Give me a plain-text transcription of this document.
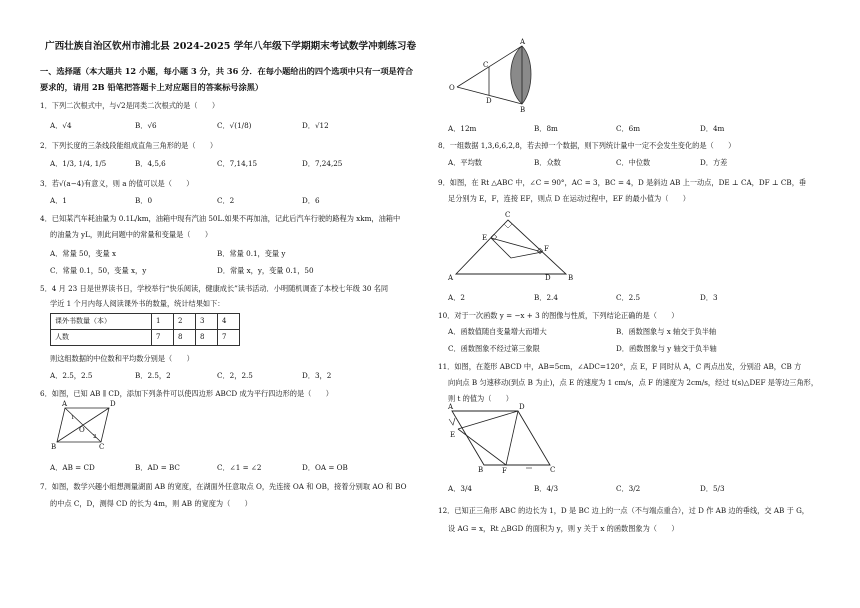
广西壮族自治区钦州市浦北县 2024-2025 学年八年级下学期期末考试数学冲刺练习卷
一、选择题（本大题共 12 小题，每小题 3 分，共 36 分．在每小题给出的四个选项中只有一项是符合
要求的，请用 2B 铅笔把答题卡上对应题目的答案标号涂黑）
1．下列二次根式中，与√2是同类二次根式的是（　　）
A．√4	B．√6	C．√(1/8)	D．√12
2．下列长度的三条线段能组成直角三角形的是（　　）
A．1/3, 1/4, 1/5	B．4,5,6	C．7,14,15	D．7,24,25
3．若√(a−4)有意义，则 a 的值可以是（　　）
A．1	B．0	C．2	D．6
4．已知某汽车耗油量为 0.1L/km，油箱中现有汽油 50L.如果不再加油，记此后汽车行驶的路程为 xkm，油箱中
的油量为 yL，则此问题中的常量和变量是（　　）
A．常量 50，变量 x	B．常量 0.1，变量 y
C．常量 0.1，50，变量 x，y	D．常量 x，y，变量 0.1，50
5．4 月 23 日是世界读书日，学校举行“快乐阅读，健康成长”读书活动．小明随机调查了本校七年级 30 名同
学近 1 个月内每人阅读课外书的数量，统计结果如下：
课外书数量（本）	1	2	3	4
人数	7	8	8	7
则这组数据的中位数和平均数分别是（　　）
A．2.5，2.5	B．2.5，2	C．2，2.5	D．3，2
6．如图，已知 AB ∥ CD，添加下列条件可以使四边形 ABCD 成为平行四边形的是（　　）
A	D
O
B	C
1
2
A．AB = CD	B．AD = BC	C．∠1 = ∠2	D．OA = OB
7．如图，数学兴趣小组想测量湖面 AB 的宽度，在湖面外任意取点 O，先连接 OA 和 OB，接着分别取 AO 和 BO
的中点 C，D，测得 CD 的长为 4m，则 AB 的宽度为（　　）
O
C
D
A
B
A．12m	B．8m	C．6m	D．4m
8．一组数据 1,3,6,6,2,8，若去掉一个数据，则下列统计量中一定不会发生变化的是（　　）
A．平均数	B．众数	C．中位数	D．方差
9．如图，在 Rt △ABC 中，∠C = 90°，AC = 3，BC = 4，D 是斜边 AB 上一动点，DE ⊥ CA，DF ⊥ CB，垂
足分别为 E，F，连接 EF，则点 D 在运动过程中，EF 的最小值为（　　）
C
E
F
A	D B
A．2	B．2.4	C．2.5	D．3
10．对于一次函数 y = −x + 3 的图像与性质，下列结论正确的是（　　）
A．函数值随自变量增大而增大	B．函数图象与 x 轴交于负半轴
C．函数图象不经过第三象限	D．函数图象与 y 轴交于负半轴
11．如图，在菱形 ABCD 中，AB=5cm，∠ADC=120°，点 E，F 同时从 A，C 两点出发，分别沿 AB，CB 方
向向点 B 匀速移动(到点 B 为止)，点 E 的速度为 1 cm/s，点 F 的速度为 2cm/s，经过 t(s)△DEF 是等边三角形，
则 t 的值为（　　）
A	D
E
B	F	C
A．3/4	B．4/3	C．3/2	D．5/3
12．已知正三角形 ABC 的边长为 1，D 是 BC 边上的一点（不与端点重合），过 D 作 AB 边的垂线，交 AB 于 G，
设 AG = x，Rt △BGD 的面积为 y，则 y 关于 x 的函数图象为（　　）
